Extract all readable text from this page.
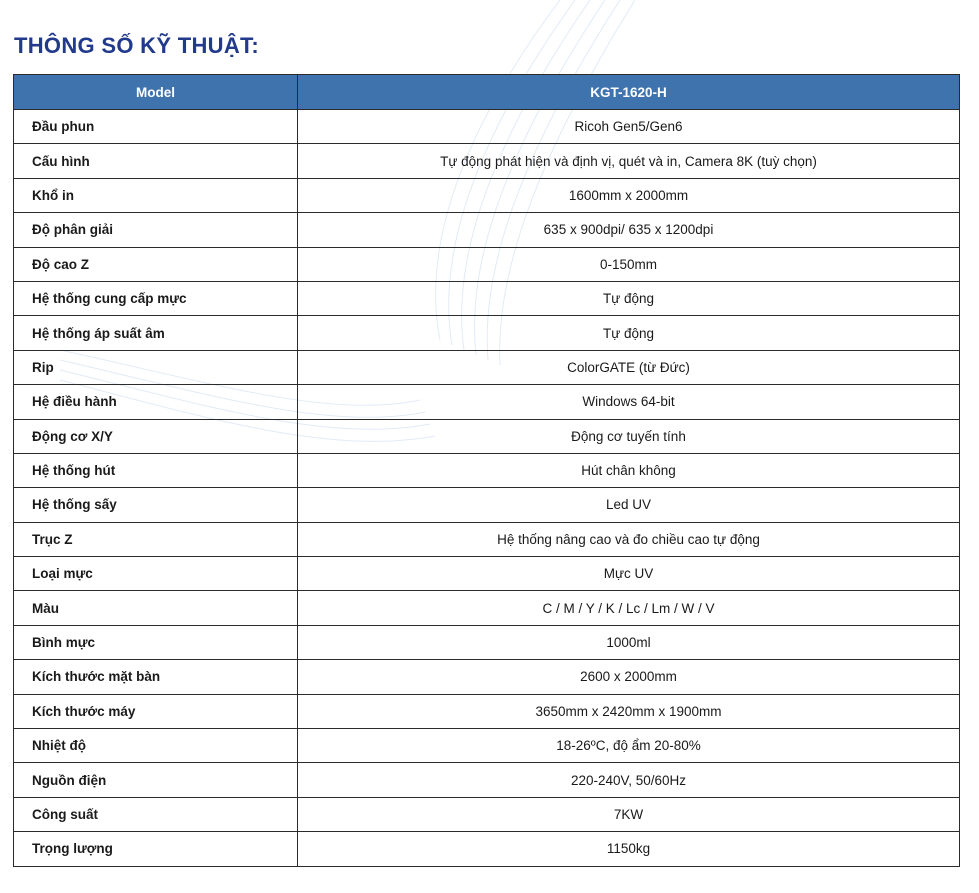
THÔNG SỐ KỸ THUẬT:
Model	KGT-1620-H
Đầu phun	Ricoh Gen5/Gen6
Cấu hình	Tự động phát hiện và định vị, quét và in, Camera 8K (tuỳ chọn)
Khổ in	1600mm x 2000mm
Độ phân giải	635 x 900dpi/ 635 x 1200dpi
Độ cao Z	0-150mm
Hệ thống cung cấp mực	Tự động
Hệ thống áp suất âm	Tự động
Rip	ColorGATE (từ Đức)
Hệ điều hành	Windows 64-bit
Động cơ X/Y	Động cơ tuyến tính
Hệ thống hút	Hút chân không
Hệ thống sấy	Led UV
Trục Z	Hệ thống nâng cao và đo chiều cao tự động
Loại mực	Mực UV
Màu	C / M / Y / K / Lc / Lm / W / V
Bình mực	1000ml
Kích thước mặt bàn	2600 x 2000mm
Kích thước máy	3650mm x 2420mm x 1900mm
Nhiệt độ	18-26ºC, độ ẩm 20-80%
Nguồn điện	220-240V, 50/60Hz
Công suất	7KW
Trọng lượng	1150kg
